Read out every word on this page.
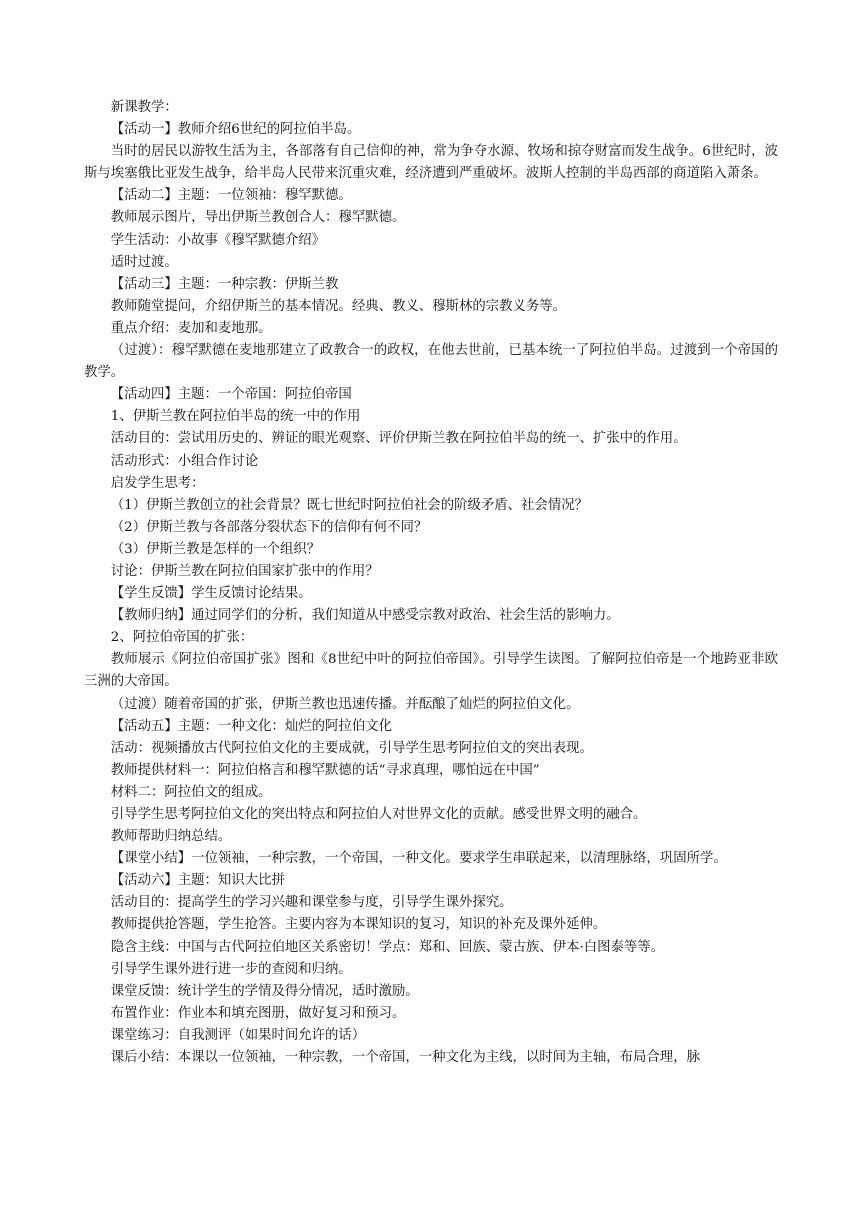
新课教学：

【活动一】教师介绍6世纪的阿拉伯半岛。

当时的居民以游牧生活为主，各部落有自己信仰的神，常为争夺水源、牧场和掠夺财富而发生战争。6世纪时，波斯与埃塞俄比亚发生战争，给半岛人民带来沉重灾难，经济遭到严重破坏。波斯人控制的半岛西部的商道陷入萧条。

【活动二】主题：一位领袖：穆罕默德。

教师展示图片，导出伊斯兰教创合人：穆罕默德。

学生活动：小故事《穆罕默德介绍》

适时过渡。

【活动三】主题：一种宗教：伊斯兰教

教师随堂提问，介绍伊斯兰的基本情况。经典、教义、穆斯林的宗教义务等。

重点介绍：麦加和麦地那。

（过渡）：穆罕默德在麦地那建立了政教合一的政权，在他去世前，已基本统一了阿拉伯半岛。过渡到一个帝国的教学。

【活动四】主题：一个帝国：阿拉伯帝国

1、伊斯兰教在阿拉伯半岛的统一中的作用

活动目的：尝试用历史的、辨证的眼光观察、评价伊斯兰教在阿拉伯半岛的统一、扩张中的作用。

活动形式：小组合作讨论

启发学生思考：

（1）伊斯兰教创立的社会背景？既七世纪时阿拉伯社会的阶级矛盾、社会情况？

（2）伊斯兰教与各部落分裂状态下的信仰有何不同？

（3）伊斯兰教是怎样的一个组织？

讨论：伊斯兰教在阿拉伯国家扩张中的作用？

【学生反馈】学生反馈讨论结果。

【教师归纳】通过同学们的分析，我们知道从中感受宗教对政治、社会生活的影响力。

2、阿拉伯帝国的扩张：

教师展示《阿拉伯帝国扩张》图和《8世纪中叶的阿拉伯帝国》。引导学生读图。了解阿拉伯帝是一个地跨亚非欧三洲的大帝国。

（过渡）随着帝国的扩张，伊斯兰教也迅速传播。并酝酿了灿烂的阿拉伯文化。

【活动五】主题：一种文化：灿烂的阿拉伯文化

活动：视频播放古代阿拉伯文化的主要成就，引导学生思考阿拉伯文的突出表现。

教师提供材料一：阿拉伯格言和穆罕默德的话“寻求真理，哪怕远在中国”

材料二：阿拉伯文的组成。

引导学生思考阿拉伯文化的突出特点和阿拉伯人对世界文化的贡献。感受世界文明的融合。

教师帮助归纳总结。

【课堂小结】一位领袖，一种宗教，一个帝国，一种文化。要求学生串联起来，以清理脉络，巩固所学。

【活动六】主题：知识大比拼

活动目的：提高学生的学习兴趣和课堂参与度，引导学生课外探究。

教师提供抢答题，学生抢答。主要内容为本课知识的复习，知识的补充及课外延伸。

隐含主线：中国与古代阿拉伯地区关系密切！学点：郑和、回族、蒙古族、伊本·白图泰等等。

引导学生课外进行进一步的查阅和归纳。

课堂反馈：统计学生的学情及得分情况，适时激励。

布置作业：作业本和填充图册，做好复习和预习。

课堂练习：自我测评（如果时间允许的话）

课后小结：本课以一位领袖，一种宗教，一个帝国，一种文化为主线，以时间为主轴，布局合理，脉
